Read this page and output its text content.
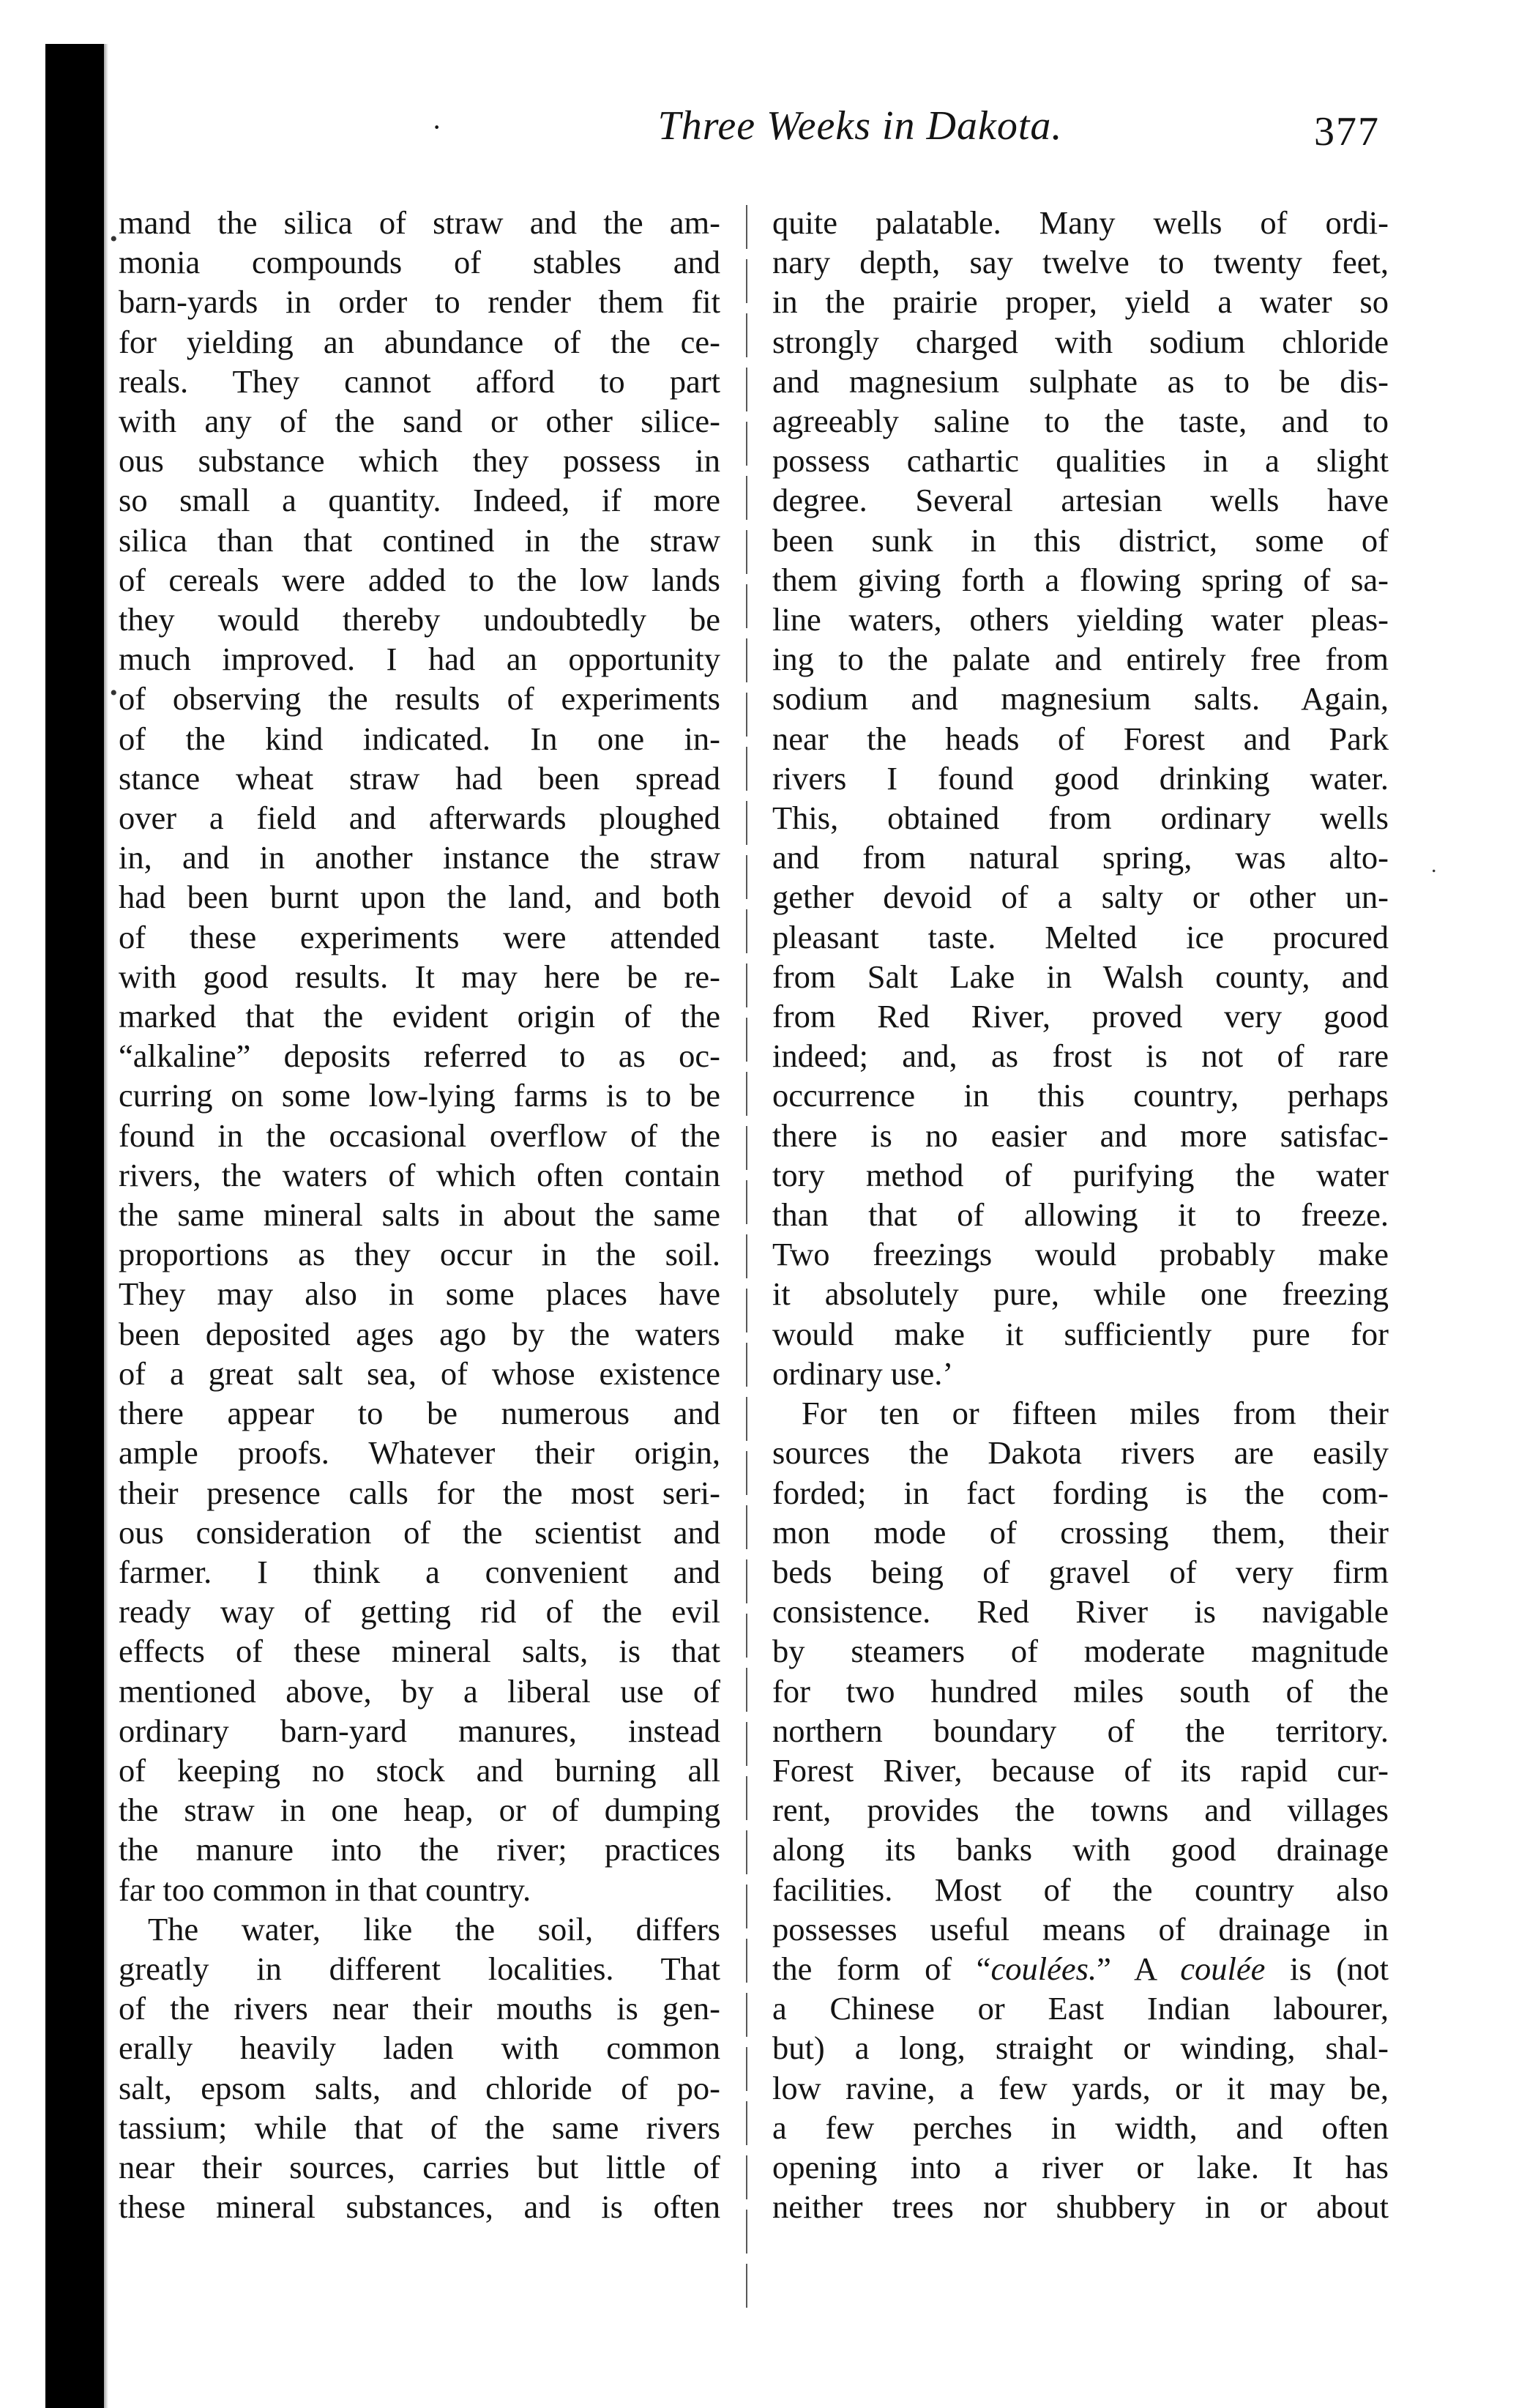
·	Three Weeks in Dakota.	377
•
•
.
mand the silica of straw and the am-
monia compounds of stables and
barn-yards in order to render them fit
for yielding an abundance of the ce-
reals. They cannot afford to part
with any of the sand or other silice-
ous substance which they possess in
so small a quantity. Indeed, if more
silica than that contined in the straw
of cereals were added to the low lands
they would thereby undoubtedly be
much improved. I had an opportunity
of observing the results of experiments
of the kind indicated. In one in-
stance wheat straw had been spread
over a field and afterwards ploughed
in, and in another instance the straw
had been burnt upon the land, and both
of these experiments were attended
with good results. It may here be re-
marked that the evident origin of the
“alkaline” deposits referred to as oc-
curring on some low-lying farms is to be
found in the occasional overflow of the
rivers, the waters of which often contain
the same mineral salts in about the same
proportions as they occur in the soil.
They may also in some places have
been deposited ages ago by the waters
of a great salt sea, of whose existence
there appear to be numerous and
ample proofs. Whatever their origin,
their presence calls for the most seri-
ous consideration of the scientist and
farmer. I think a convenient and
ready way of getting rid of the evil
effects of these mineral salts, is that
mentioned above, by a liberal use of
ordinary barn-yard manures, instead
of keeping no stock and burning all
the straw in one heap, or of dumping
the manure into the river; practices
far too common in that country.
The water, like the soil, differs
greatly in different localities. That
of the rivers near their mouths is gen-
erally heavily laden with common
salt, epsom salts, and chloride of po-
tassium; while that of the same rivers
near their sources, carries but little of
these mineral substances, and is often
quite palatable. Many wells of ordi-
nary depth, say twelve to twenty feet,
in the prairie proper, yield a water so
strongly charged with sodium chloride
and magnesium sulphate as to be dis-
agreeably saline to the taste, and to
possess cathartic qualities in a slight
degree. Several artesian wells have
been sunk in this district, some of
them giving forth a flowing spring of sa-
line waters, others yielding water pleas-
ing to the palate and entirely free from
sodium and magnesium salts. Again,
near the heads of Forest and Park
rivers I found good drinking water.
This, obtained from ordinary wells
and from natural spring, was alto-
gether devoid of a salty or other un-
pleasant taste. Melted ice procured
from Salt Lake in Walsh county, and
from Red River, proved very good
indeed; and, as frost is not of rare
occurrence in this country, perhaps
there is no easier and more satisfac-
tory method of purifying the water
than that of allowing it to freeze.
Two freezings would probably make
it absolutely pure, while one freezing
would make it sufficiently pure for
ordinary use.’
For ten or fifteen miles from their
sources the Dakota rivers are easily
forded; in fact fording is the com-
mon mode of crossing them, their
beds being of gravel of very firm
consistence. Red River is navigable
by steamers of moderate magnitude
for two hundred miles south of the
northern boundary of the territory.
Forest River, because of its rapid cur-
rent, provides the towns and villages
along its banks with good drainage
facilities. Most of the country also
possesses useful means of drainage in
the form of “coulées.” A coulée is (not
a Chinese or East Indian labourer,
but) a long, straight or winding, shal-
low ravine, a few yards, or it may be,
a few perches in width, and often
opening into a river or lake. It has
neither trees nor shubbery in or about
